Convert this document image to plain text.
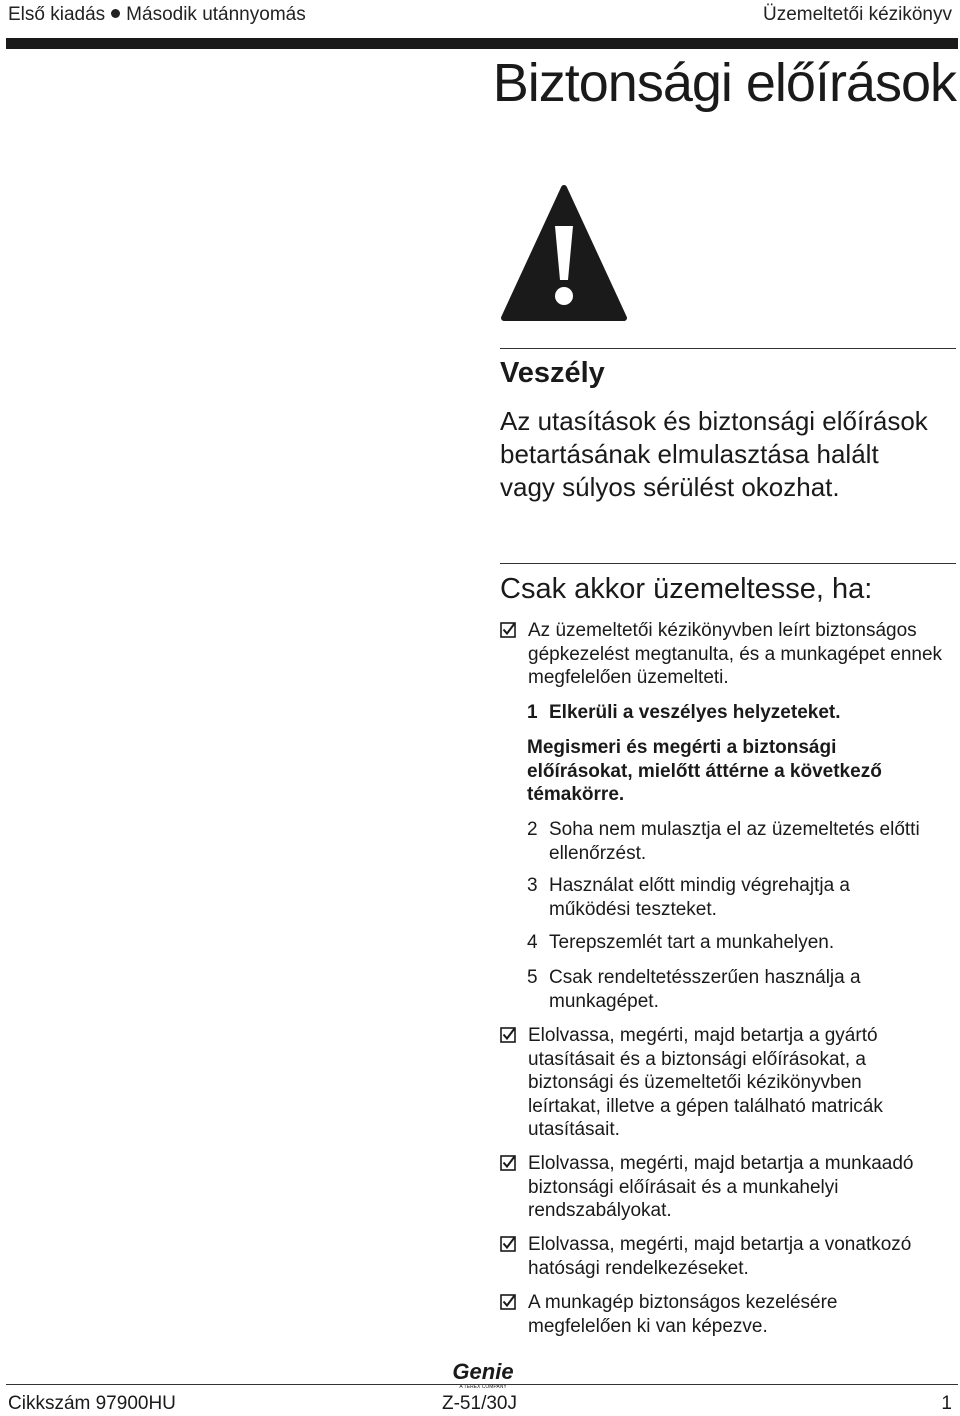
Első kiadás Második utánnyomás	Üzemeltetői kézikönyv
Biztonsági előírások
Veszély
Az utasítások és biztonsági előírások betartásának elmulasztása halált vagy súlyos sérülést okozhat.
Csak akkor üzemeltesse, ha:
Az üzemeltetői kézikönyvben leírt biztonságos gépkezelést megtanulta, és a munkagépet ennek megfelelően üzemelteti.
1 Elkerüli a veszélyes helyzeteket.
Megismeri és megérti a biztonsági előírásokat, mielőtt áttérne a következő témakörre.
2 Soha nem mulasztja el az üzemeltetés előtti ellenőrzést.
3 Használat előtt mindig végrehajtja a működési teszteket.
4 Terepszemlét tart a munkahelyen.
5 Csak rendeltetésszerűen használja a munkagépet.
Elolvassa, megérti, majd betartja a gyártó utasításait és a biztonsági előírásokat, a biztonsági és üzemeltetői kézikönyvben leírtakat, illetve a gépen található matricák utasításait.
Elolvassa, megérti, majd betartja a munkaadó biztonsági előírásait és a munkahelyi rendszabályokat.
Elolvassa, megérti, majd betartja a vonatkozó hatósági rendelkezéseket.
A munkagép biztonságos kezelésére megfelelően ki van képezve.
Genie
A TEREX COMPANY
Cikkszám 97900HU	Z-51/30J	1
